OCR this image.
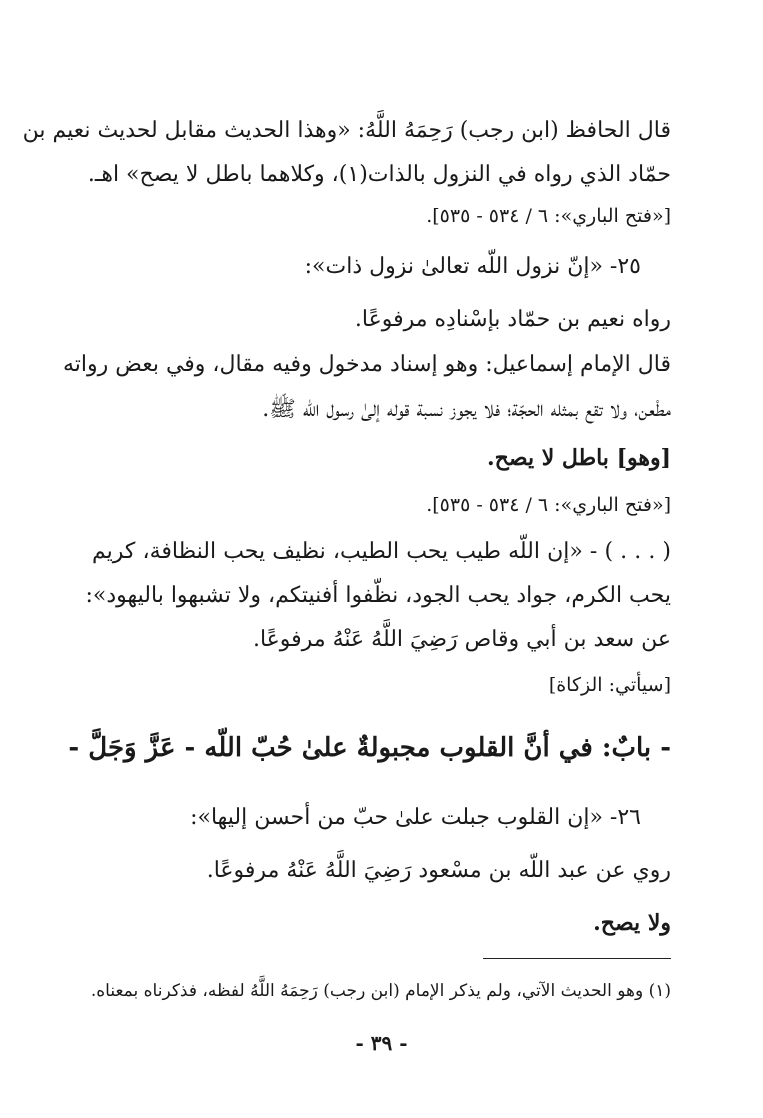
قال الحافظ (ابن رجب) رَحِمَهُ اللَّهُ: «وهذا الحديث مقابل لحديث نعيم بن
حمّاد الذي رواه في النزول بالذات(١)، وكلاهما باطل لا يصح» اهـ.
[«فتح الباري»: ٦ / ٥٣٤ - ٥٣٥].
٢٥- «إنّ نزول اللّه تعالىٰ نزول ذات»:
رواه نعيم بن حمّاد بإسْنادِه مرفوعًا.
قال الإمام إسماعيل: وهو إسناد مدخول وفيه مقال، وفي بعض رواته
مطْعن، ولا تقع بمثله الحجّة؛ فلا يجوز نسبة قوله إلىٰ رسول اللّه ﷺ.
[وهو] باطل لا يصح.
[«فتح الباري»: ٦ / ٥٣٤ - ٥٣٥].
( . . . ) - «إن اللّه طيب يحب الطيب، نظيف يحب النظافة، كريم
يحب الكرم، جواد يحب الجود، نظّفوا أفنيتكم، ولا تشبهوا باليهود»:
عن سعد بن أبي وقاص رَضِيَ اللَّهُ عَنْهُ مرفوعًا.
[سيأتي: الزكاة]
- بابٌ: في أنَّ القلوب مجبولةٌ علىٰ حُبّ اللّه - عَزَّ وَجَلَّ -
٢٦- «إن القلوب جبلت علىٰ حبّ من أحسن إليها»:
روي عن عبد اللّه بن مسْعود رَضِيَ اللَّهُ عَنْهُ مرفوعًا.
ولا يصح.
(١) وهو الحديث الآتي، ولم يذكر الإمام (ابن رجب) رَحِمَهُ اللَّهُ لفظه، فذكرناه بمعناه.
- ٣٩ -
